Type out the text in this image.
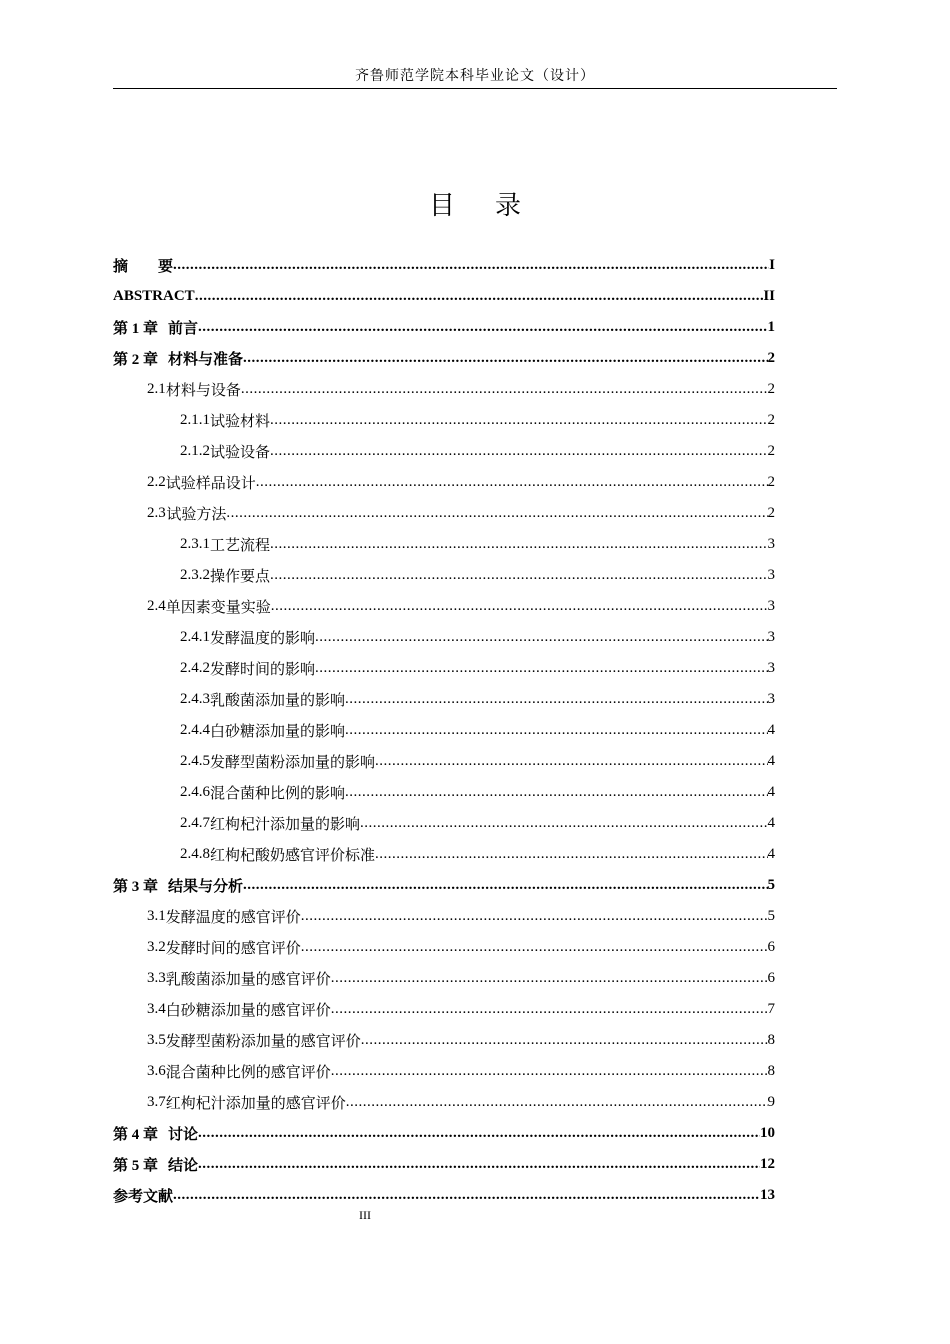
齐鲁师范学院本科毕业论文（设计）
目录
摘　　要 .....	I
ABSTRACT .....	II
第 1 章 前言 .....	1
第 2 章 材料与准备 .....	2
2.1 材料与设备 .....	2
2.1.1 试验材料 .....	2
2.1.2 试验设备 .....	2
2.2 试验样品设计 .....	2
2.3 试验方法 .....	2
2.3.1 工艺流程 .....	3
2.3.2 操作要点 .....	3
2.4 单因素变量实验 .....	3
2.4.1 发酵温度的影响 .....	3
2.4.2 发酵时间的影响 .....	3
2.4.3 乳酸菌添加量的影响 .....	3
2.4.4 白砂糖添加量的影响 .....	4
2.4.5 发酵型菌粉添加量的影响 .....	4
2.4.6 混合菌种比例的影响 .....	4
2.4.7 红枸杞汁添加量的影响 .....	4
2.4.8 红枸杞酸奶感官评价标准 .....	4
第 3 章 结果与分析 .....	5
3.1 发酵温度的感官评价 .....	5
3.2 发酵时间的感官评价 .....	6
3.3 乳酸菌添加量的感官评价 .....	6
3.4 白砂糖添加量的感官评价 .....	7
3.5 发酵型菌粉添加量的感官评价 .....	8
3.6 混合菌种比例的感官评价 .....	8
3.7 红枸杞汁添加量的感官评价 .....	9
第 4 章 讨论 .....	10
第 5 章 结论 .....	12
参考文献 .....	13
III
